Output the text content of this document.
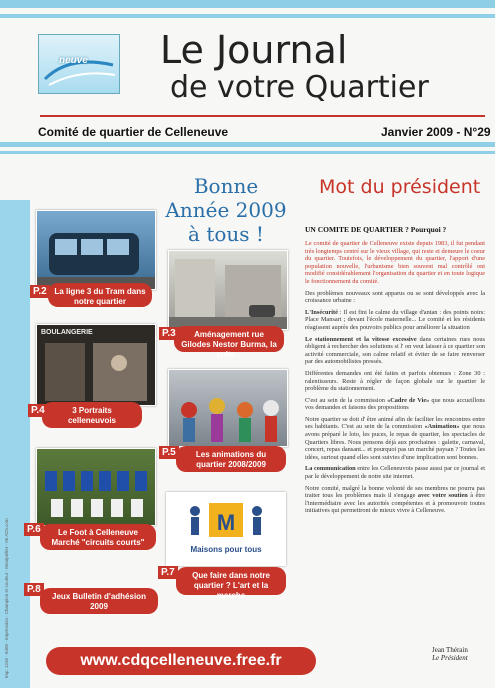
neuve Le Journal
de votre Quartier
Comité de quartier de Celleneuve	Janvier 2009 - N°29
Bonne Année 2009 à tous !
Mot du président
La ligne 3 du Tram dans notre quartier
P.2
Aménagement rue Gilodes Nestor Burma, la suite...
P.3
BOULANGERIE
3 Portraits celleneuvois
P.4
Les animations du quartier 2008/2009
P.5
Le Foot à Celleneuve Marché "circuits courts"
P.6	M
Maisons pour tous
Que faire dans notre quartier ? L'art et la marche
P.7
Jeux Bulletin d'adhésion 2009
P.8
www.cdqcelleneuve.free.fr
UN COMITE DE QUARTIER ? Pourquoi ?

Le comité de quartier de Celleneuve existe depuis 1983, il fut pendant très longtemps centré sur le vieux village, qui reste et demeure le coeur du quartier. Toutefois, le développement du quartier, l'apport d'une population nouvelle, l'urbanisme bien souvent mal contrôlé ont modifié considérablement l'organisation du quartier et en toute logique le fonctionnement du comité.

Des problèmes nouveaux sont apparus ou se sont développés avec la croissance urbaine :

L'Insécurité : Il est fini le calme du village d'antan : des points noirs: Place Mansart ; devant l'école maternelle... Le comité et les résidents réagissent auprès des pouvoirs publics pour améliorer la situation

Le stationnement et la vitesse excessive dans certaines rues nous obligent à rechercher des solutions si l' on veut laisser à ce quartier son activité commerciale, son calme relatif et éviter de se faire renverser par des automobilistes pressés.

Différentes demandes ont été faites et parfois obtenues : Zone 30 : ralentisseurs. Reste à régler de façon globale sur le quartier le problème du stationnement.

C'est au sein de la commission «Cadre de Vie» que nous accueillons vos demandes et faisons des propositions

Notre quartier se doit d' être animé afin de faciliter les rencontres entre ses habitants. C'est au sein de la commission «Animation» que nous avons préparé le loto, les puces, le repas de quartier, les spectacles de Quartiers libres. Nous pensons déjà aux prochaines : galette, carnaval, concert, repas dansant... et pourquoi pas un marché paysan ? Toutes les idées, surtout quand elles sont suivies d'une implication sont bonnes.

La communication entre les Celleneuvois passe aussi par ce journal et par le développement de notre site internet.

Notre comité, malgré la bonne volonté de ses membres ne pourra pas traiter tous les problèmes mais il s'engage avec votre soutien à être l'intermédiaire avec les autorités compétentes et à promouvoir toutes initiatives qui permettront de mieux vivre à Celleneuve.

Jean Thérain
Le Président
Imp. 1246 - 8400 - Impression : Champion et couleur - Montpellier - 06 ADs.com
